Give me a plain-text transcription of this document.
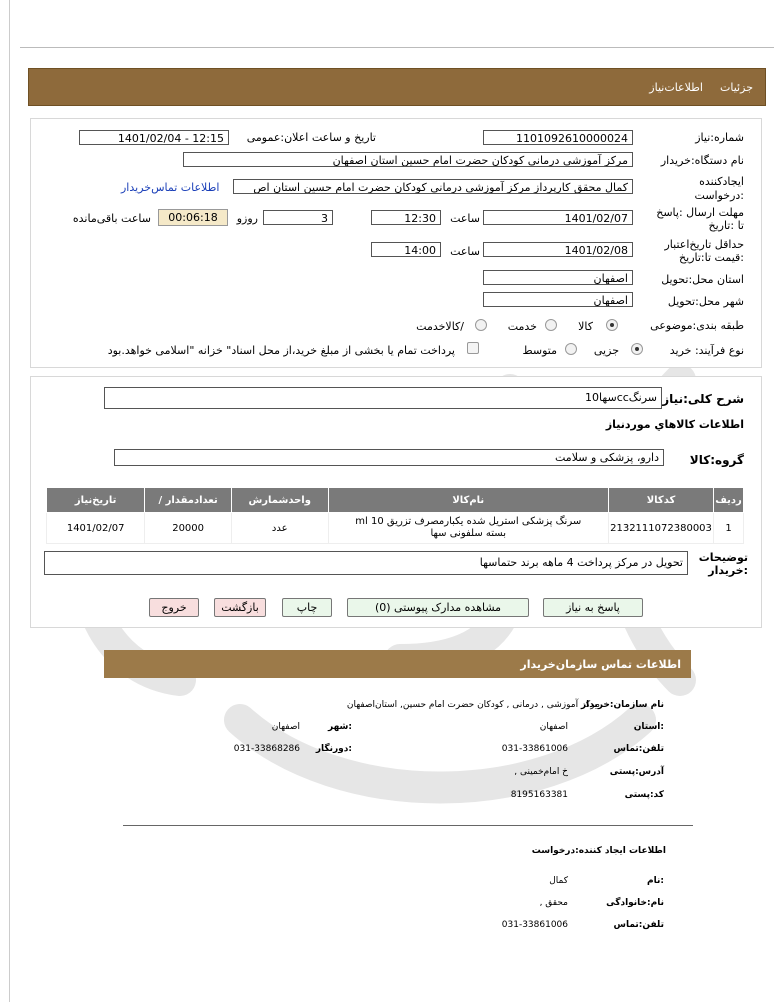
جزئيات
اطلاعات‌نیاز
شماره:نیاز
1101092610000024
تاریخ و ساعت اعلان:عمومی
1401/02/04 - 12:15
نام دستگاه:خریدار
مرکز آموزشی درمانی کودکان حضرت امام حسین استان اصفهان
ایجادکننده :درخواست
کمال محقق کارپرداز مرکز آموزشی درمانی کودکان حضرت امام حسین استان اص
اطلاعات تماس‌خریدار
مهلت ارسال :پاسخ تا :تاریخ
1401/02/07
ساعت
12:30
3
روزو
00:06:18
ساعت باقی‌مانده
حداقل تاریخ‌اعتبار :قیمت تا:تاریخ
1401/02/08
ساعت
14:00
استان محل:تحویل
اصفهان
شهر محل:تحویل
اصفهان
طبقه بندی:موضوعی
کالا
خدمت
/کالاخدمت
نوع فرآیند: خرید
جزیی
متوسط
پرداخت تمام یا بخشی از مبلغ خرید،از محل اسناد" خزانه "اسلامی خواهد.بود
شرح کلی:نیاز
سرنگccسها10
اطلاعات کالاهاي موردنياز
گروه:کالا
دارو، پزشکی و سلامت
تاریخ‌نیاز	/ تعدادمقدار	واحدشمارش	نام‌کالا	کدکالا	ردیف
1401/02/07	20000	عدد	سرنگ پزشکی استریل شده یکبارمصرف تزریق 10 ml بسته سلفونی سها	2132111072380003	1
توضیحات :خریدار
تحویل در مرکز پرداخت 4 ماهه برند حتماسها
پاسخ به نیاز
مشاهده مدارک پیوستی (0)
چاپ
بازگشت
خروج
اطلاعات تماس سازمان‌خریدار
نام سازمان:خریدار
مرکز آموزشی , درمانی , کودکان حضرت امام حسین, استان‌اصفهان
:استان
اصفهان
:شهر
اصفهان
تلفن:تماس
031-33861006
:دورنگار
031-33868286
آدرس:پستی
خ امام‌خمینی ,
کد:پستی
8195163381
اطلاعات ایجاد کننده:درخواست
:نام
کمال
نام:خانوادگی
محقق ,
تلفن:تماس
031-33861006
